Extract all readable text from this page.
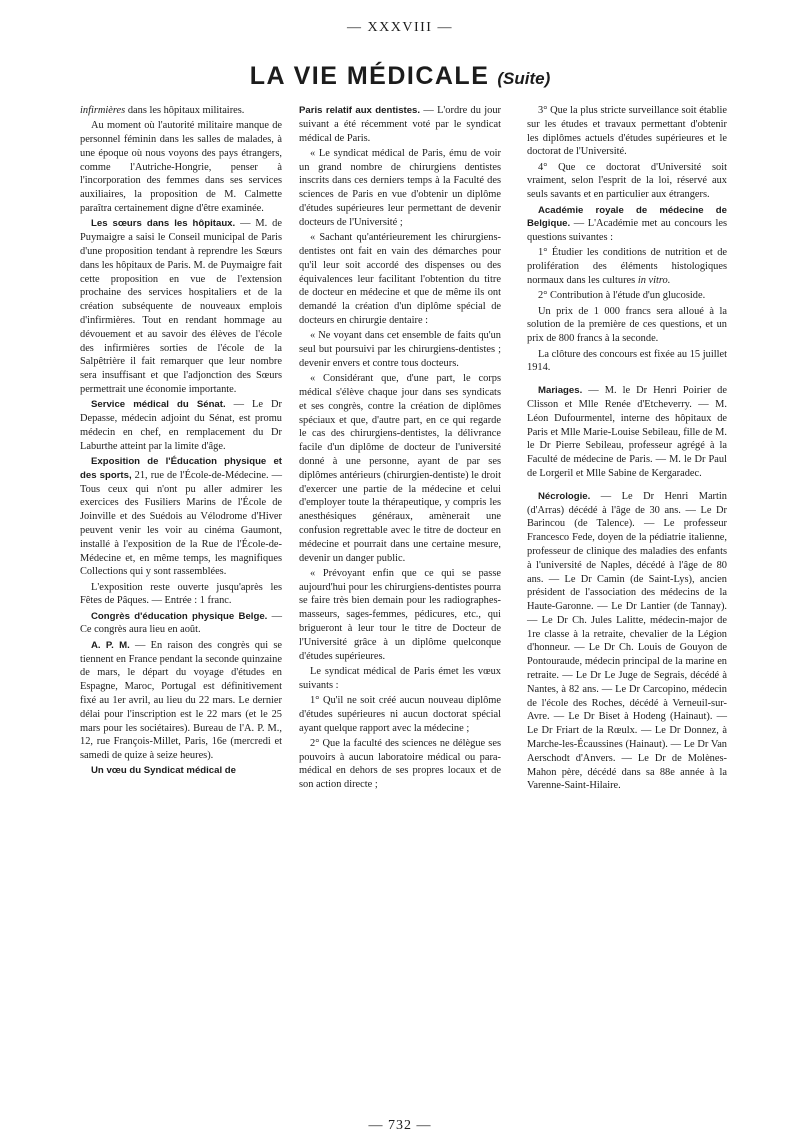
— XXXVIII —
LA VIE MÉDICALE (Suite)

infirmières dans les hôpitaux militaires.

Au moment où l'autorité militaire manque de personnel féminin dans les salles de malades, à une époque où nous voyons des pays étrangers, comme l'Autriche-Hongrie, penser à l'incorporation des femmes dans ses services auxiliaires, la proposition de M. Calmette paraîtra certainement digne d'être examinée.

Les sœurs dans les hôpitaux. — M. de Puymaigre a saisi le Conseil municipal de Paris d'une proposition tendant à reprendre les Sœurs dans les hôpitaux de Paris. M. de Puymaigre fait cette proposition en vue de l'extension prochaine des services hospitaliers et de la création subséquente de nouveaux emplois d'infirmières. Tout en rendant hommage au dévouement et au savoir des élèves de l'école des infirmières sorties de l'école de la Salpêtrière il fait remarquer que leur nombre sera insuffisant et que l'adjonction des Sœurs permettrait une économie importante.

Service médical du Sénat. — Le Dr Depasse, médecin adjoint du Sénat, est promu médecin en chef, en remplacement du Dr Laburthe atteint par la limite d'âge.

Exposition de l'Éducation physique et des sports, 21, rue de l'École-de-Médecine. — Tous ceux qui n'ont pu aller admirer les exercices des Fusiliers Marins de l'École de Joinville et des Suédois au Vélodrome d'Hiver peuvent venir les voir au cinéma Gaumont, installé à l'exposition de la Rue de l'École-de-Médecine et, en même temps, les magnifiques Collections qui y sont rassemblées.

L'exposition reste ouverte jusqu'après les Fêtes de Pâques. — Entrée : 1 franc.

Congrès d'éducation physique Belge. — Ce congrès aura lieu en août.

A. P. M. — En raison des congrès qui se tiennent en France pendant la seconde quinzaine de mars, le départ du voyage d'études en Espagne, Maroc, Portugal est définitivement fixé au 1er avril, au lieu du 22 mars. Le dernier délai pour l'inscription est le 22 mars (et le 25 mars pour les sociétaires). Bureau de l'A. P. M., 12, rue François-Millet, Paris, 16e (mercredi et samedi de quize à seize heures).

Un vœu du Syndicat médical de

Paris relatif aux dentistes. — L'ordre du jour suivant a été récemment voté par le syndicat médical de Paris.

« Le syndicat médical de Paris, ému de voir un grand nombre de chirurgiens dentistes inscrits dans ces derniers temps à la Faculté des sciences de Paris en vue d'obtenir un diplôme d'études supérieures leur permettant de devenir docteurs de l'Université ;

« Sachant qu'antérieurement les chirurgiens-dentistes ont fait en vain des démarches pour qu'il leur soit accordé des dispenses ou des équivalences leur facilitant l'obtention du titre de docteur en médecine et que de même ils ont demandé la création d'un diplôme spécial de docteurs en chirurgie dentaire :

« Ne voyant dans cet ensemble de faits qu'un seul but poursuivi par les chirurgiens-dentistes ; devenir envers et contre tous docteurs.

« Considérant que, d'une part, le corps médical s'élève chaque jour dans ses syndicats et ses congrès, contre la création de diplômes spéciaux et que, d'autre part, en ce qui regarde le cas des chirurgiens-dentistes, la délivrance facile d'un diplôme de docteur de l'université donné à une personne, ayant de par ses diplômes antérieurs (chirurgien-dentiste) le droit d'exercer une partie de la médecine et celui d'employer toute la thérapeutique, y compris les anesthésiques généraux, amènerait une confusion regrettable avec le titre de docteur en médecine et pourrait dans une certaine mesure, devenir un danger public.

« Prévoyant enfin que ce qui se passe aujourd'hui pour les chirurgiens-dentistes pourra se faire très bien demain pour les radiographes-masseurs, sages-femmes, pédicures, etc., qui brigueront à leur tour le titre de Docteur de l'Université grâce à un diplôme quelconque d'études supérieures.

Le syndicat médical de Paris émet les vœux suivants :

1° Qu'il ne soit créé aucun nouveau diplôme d'études supérieures ni aucun doctorat spécial ayant quelque rapport avec la médecine ;

2° Que la faculté des sciences ne délègue ses pouvoirs à aucun laboratoire médical ou para-médical en dehors de ses propres locaux et de son action directe ;

3° Que la plus stricte surveillance soit établie sur les études et travaux permettant d'obtenir les diplômes actuels d'études supérieures et le doctorat de l'Université.

4° Que ce doctorat d'Université soit vraiment, selon l'esprit de la loi, réservé aux seuls savants et en particulier aux étrangers.

Académie royale de médecine de Belgique. — L'Académie met au concours les questions suivantes :

1° Étudier les conditions de nutrition et de prolifération des éléments histologiques normaux dans les cultures in vitro.

2° Contribution à l'étude d'un glucoside.

Un prix de 1 000 francs sera alloué à la solution de la première de ces questions, et un prix de 800 francs à la seconde.

La clôture des concours est fixée au 15 juillet 1914.

Mariages. — M. le Dr Henri Poirier de Clisson et Mlle Renée d'Etcheverry. — M. Léon Dufourmentel, interne des hôpitaux de Paris et Mlle Marie-Louise Sebileau, fille de M. le Dr Pierre Sebileau, professeur agrégé à la Faculté de médecine de Paris. — M. le Dr Paul de Lorgeril et Mlle Sabine de Kergaradec.

Nécrologie. — Le Dr Henri Martin (d'Arras) décédé à l'âge de 30 ans. — Le Dr Barincou (de Talence). — Le professeur Francesco Fede, doyen de la pédiatrie italienne, professeur de clinique des maladies des enfants à l'université de Naples, décédé à l'âge de 80 ans. — Le Dr Camin (de Saint-Lys), ancien président de l'association des médecins de la Haute-Garonne. — Le Dr Lantier (de Tannay). — Le Dr Ch. Jules Lalitte, médecin-major de 1re classe à la retraite, chevalier de la Légion d'honneur. — Le Dr Ch. Louis de Gouyon de Pontouraude, médecin principal de la marine en retraite. — Le Dr Le Juge de Segrais, décédé à Nantes, à 82 ans. — Le Dr Carcopino, médecin de l'école des Roches, décédé à Verneuil-sur-Avre. — Le Dr Biset à Hodeng (Hainaut). — Le Dr Friart de la Rœulx. — Le Dr Donnez, à Marche-les-Écaussines (Hainaut). — Le Dr Van Aerschodt d'Anvers. — Le Dr de Molènes-Mahon père, décédé dans sa 88e année à la Varenne-Saint-Hilaire.

— 732 —
